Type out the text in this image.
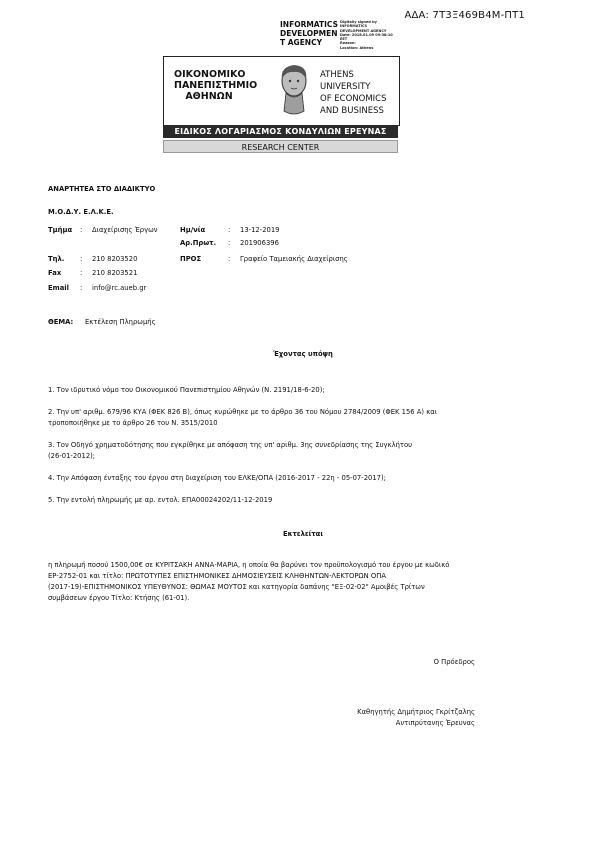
ΑΔΑ: 7Τ3Ξ469Β4Μ-ΠΤ1
INFORMATICS
DEVELOPMEN
T AGENCY
Digitally signed by
INFORMATICS
DEVELOPMENT AGENCY
Date: 2018.01.09 09:38:10
EET
Reason:
Location: Athens
ΟΙΚΟΝΟΜΙΚΟ
ΠΑΝΕΠΙΣΤΗΜΙΟ
ΑΘΗΝΩΝ
ATHENS UNIVERSITY
OF ECONOMICS
AND BUSINESS
ΕΙΔΙΚΟΣ ΛΟΓΑΡΙΑΣΜΟΣ ΚΟΝΔΥΛΙΩΝ ΕΡΕΥΝΑΣ
RESEARCH CENTER
ΑΝΑΡΤΗΤΕΑ ΣΤΟ ΔΙΑΔΙΚΤΥΟ
Μ.Ο.Δ.Υ. Ε.Λ.Κ.Ε.
Τμήμα : Διαχείρισης Έργων	Ημ/νία	: 13-12-2019
Αρ.Πρωτ. : 201906396
Τηλ. : 210 8203520	ΠΡΟΣ	: Γραφείο Ταμειακής Διαχείρισης
Fax	: 210 8203521
Email : info@rc.aueb.gr
ΘΕΜΑ: Εκτέλεση Πληρωμής
Έχοντας υπόψη
1. Τον ιδρυτικό νόμο του Οικονομικού Πανεπιστημίου Αθηνών (Ν. 2191/18-6-20);
2. Την υπ' αριθμ. 679/96 ΚΥΑ (ΦΕΚ 826 Β), όπως κυρώθηκε με το άρθρο 36 του Νόμου 2784/2009 (ΦΕΚ 156 Α) και
τροποποιήθηκε με το άρθρο 26 του Ν. 3515/2010
3. Τον Οδηγό χρηματοδότησης που εγκρίθηκε με απόφαση της υπ' αριθμ. 3ης συνεδρίασης της Συγκλήτου
(26-01-2012);
4. Την Απόφαση ένταξης του έργου στη διαχείριση του ΕΛΚΕ/ΟΠΑ (2016-2017 - 22η - 05-07-2017);
5. Την εντολή πληρωμής με αρ. εντολ. ΕΠΑ00024202/11-12-2019
Εκτελείται
η πληρωμή ποσού 1500,00€ σε ΚΥΡΙΤΣΑΚΗ ΑΝΝΑ-ΜΑΡΙΑ, η οποία θα βαρύνει τον προϋπολογισμό του έργου με κωδικό
ΕΡ-2752-01 και τίτλο: ΠΡΩΤΟΤΥΠΕΣ ΕΠΙΣΤΗΜΟΝΙΚΕΣ ΔΗΜΟΣΙΕΥΣΕΙΣ ΚΛΗΘΗΝΤΩΝ-ΛΕΚΤΟΡΩΝ ΟΠΑ
(2017-19)-ΕΠΙΣΤΗΜΟΝΙΚΟΣ ΥΠΕΥΘΥΝΟΣ: ΘΩΜΑΣ ΜΟΥΤΟΣ και κατηγορία δαπάνης "ΕΞ-02-02" Αμοιβές Τρίτων
συμβάσεων έργου Τίτλο: Κτήσης (61-01).
Ο Πρόεδρος
Καθηγητής Δημήτριος Γκρίτζαλης
Αντιπρύτανης Έρευνας
